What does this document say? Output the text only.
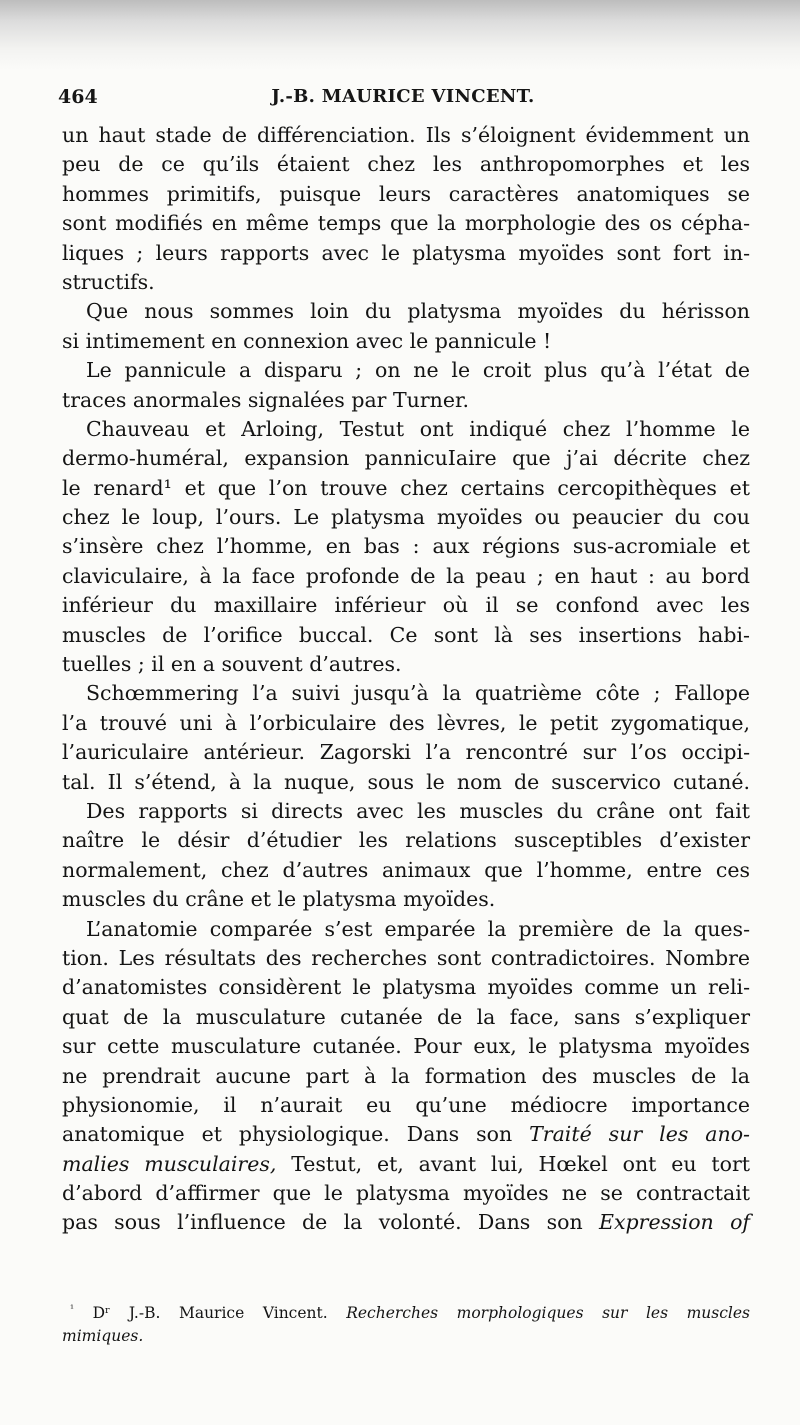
464	J.-B. MAURICE VINCENT.
un haut stade de différenciation. Ils s’éloignent évidemment un
peu de ce qu’ils étaient chez les anthropomorphes et les
hommes primitifs, puisque leurs caractères anatomiques se
sont modifiés en même temps que la morphologie des os cépha-
liques ; leurs rapports avec le platysma myoïdes sont fort in-
structifs.
Que nous sommes loin du platysma myoïdes du hérisson
si intimement en connexion avec le pannicule !
Le pannicule a disparu ; on ne le croit plus qu’à l’état de
traces anormales signalées par Turner.
Chauveau et Arloing, Testut ont indiqué chez l’homme le
dermo-huméral, expansion pannicuIaire que j’ai décrite chez
le renard¹ et que l’on trouve chez certains cercopithèques et
chez le loup, l’ours. Le platysma myoïdes ou peaucier du cou
s’insère chez l’homme, en bas : aux régions sus-acromiale et
claviculaire, à la face profonde de la peau ; en haut : au bord
inférieur du maxillaire inférieur où il se confond avec les
muscles de l’orifice buccal. Ce sont là ses insertions habi-
tuelles ; il en a souvent d’autres.
Schœmmering l’a suivi jusqu’à la quatrième côte ; Fallope
l’a trouvé uni à l’orbiculaire des lèvres, le petit zygomatique,
l’auriculaire antérieur. Zagorski l’a rencontré sur l’os occipi-
tal. Il s’étend, à la nuque, sous le nom de suscervico cutané.
Des rapports si directs avec les muscles du crâne ont fait
naître le désir d’étudier les relations susceptibles d’exister
normalement, chez d’autres animaux que l’homme, entre ces
muscles du crâne et le platysma myoïdes.
L’anatomie comparée s’est emparée la première de la ques-
tion. Les résultats des recherches sont contradictoires. Nombre
d’anatomistes considèrent le platysma myoïdes comme un reli-
quat de la musculature cutanée de la face, sans s’expliquer
sur cette musculature cutanée. Pour eux, le platysma myoïdes
ne prendrait aucune part à la formation des muscles de la
physionomie, il n’aurait eu qu’une médiocre importance
anatomique et physiologique. Dans son Traité sur les ano-
malies musculaires, Testut, et, avant lui, Hœkel ont eu tort
d’abord d’affirmer que le platysma myoïdes ne se contractait
pas sous l’influence de la volonté. Dans son Expression of
$^{^1}$ Dʳ J.-B. Maurice Vincent. Recherches morphologiques sur les muscles
mimiques.
